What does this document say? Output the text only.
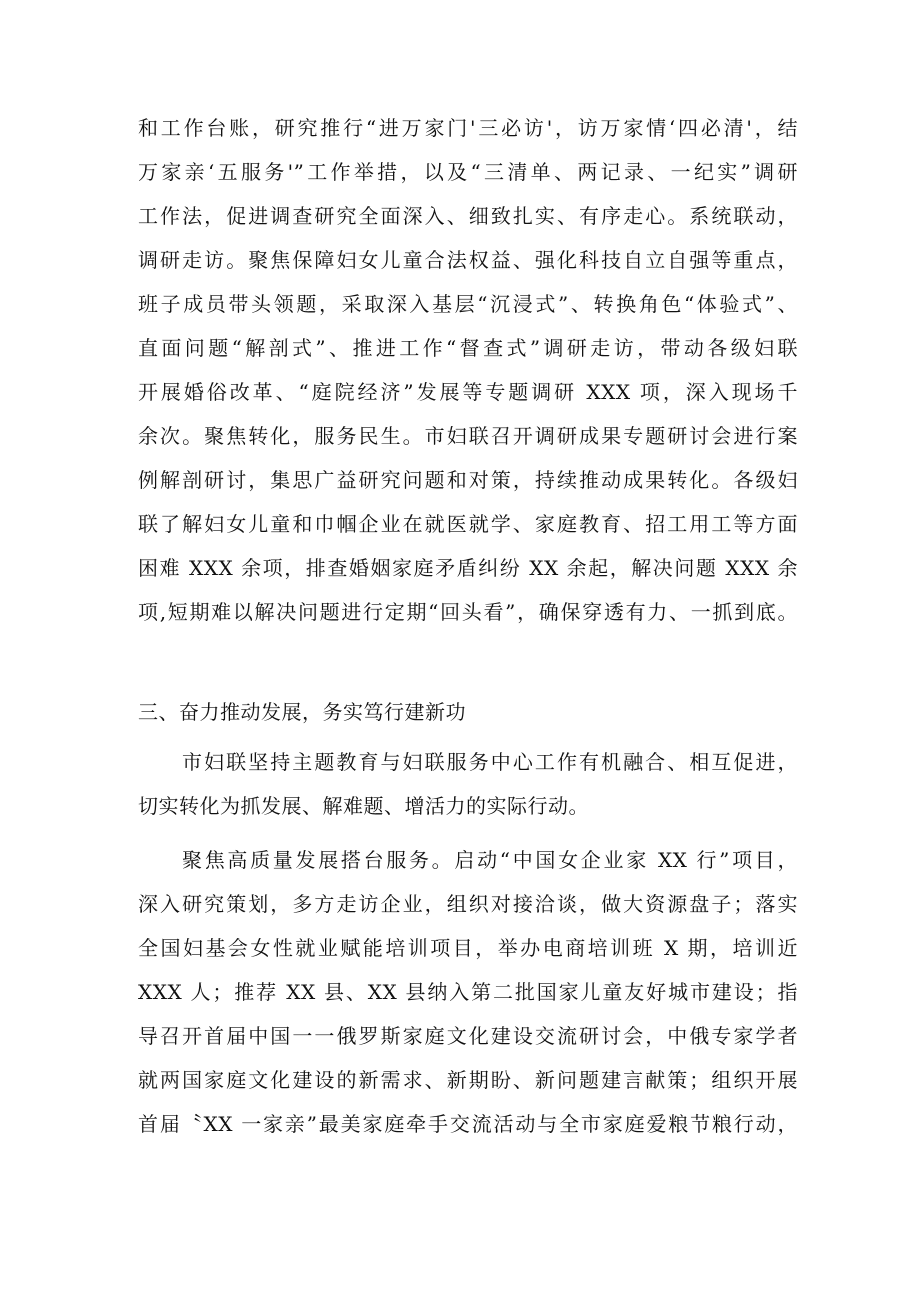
和工作台账，研究推行“进万家门'三必访'，访万家情‘四必清'，结
万家亲‘五服务'”工作举措，以及“三清单、两记录、一纪实”调研
工作法，促进调查研究全面深入、细致扎实、有序走心。系统联动，
调研走访。聚焦保障妇女儿童合法权益、强化科技自立自强等重点，
班子成员带头领题，采取深入基层“沉浸式”、转换角色“体验式”、
直面问题“解剖式”、推进工作“督查式”调研走访，带动各级妇联
开展婚俗改革、“庭院经济”发展等专题调研 XXX 项，深入现场千
余次。聚焦转化，服务民生。市妇联召开调研成果专题研讨会进行案
例解剖研讨，集思广益研究问题和对策，持续推动成果转化。各级妇
联了解妇女儿童和巾帼企业在就医就学、家庭教育、招工用工等方面
困难 XXX 余项，排查婚姻家庭矛盾纠纷 XX 余起，解决问题 XXX 余
项,短期难以解决问题进行定期“回头看”，确保穿透有力、一抓到底。
三、奋力推动发展，务实笃行建新功
市妇联坚持主题教育与妇联服务中心工作有机融合、相互促进，
切实转化为抓发展、解难题、增活力的实际行动。
聚焦高质量发展搭台服务。启动“中国女企业家 XX 行”项目，
深入研究策划，多方走访企业，组织对接洽谈，做大资源盘子；落实
全国妇基会女性就业赋能培训项目，举办电商培训班 X 期，培训近
XXX 人；推荐 XX 县、XX 县纳入第二批国家儿童友好城市建设；指
导召开首届中国一一俄罗斯家庭文化建设交流研讨会，中俄专家学者
就两国家庭文化建设的新需求、新期盼、新问题建言献策；组织开展
首届〝XX 一家亲”最美家庭牵手交流活动与全市家庭爱粮节粮行动，
